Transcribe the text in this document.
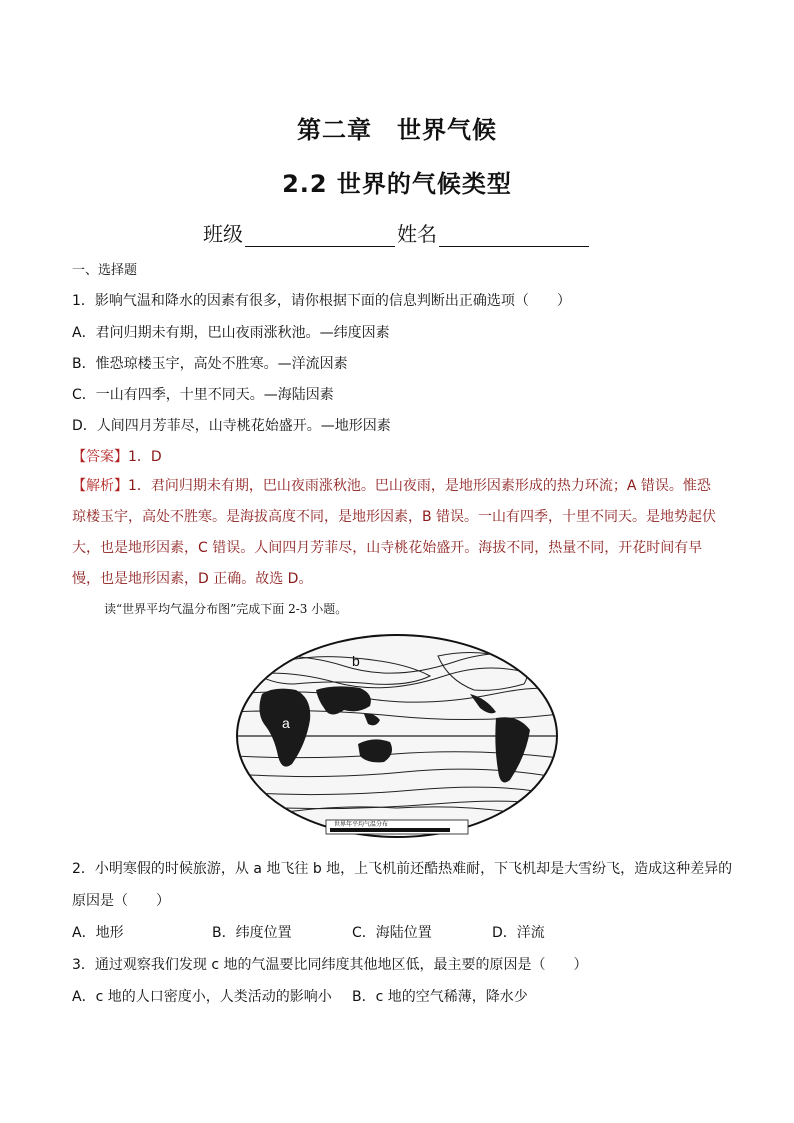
第二章　世界气候
2.2 世界的气候类型
班级	姓名
一、选择题
1．影响气温和降水的因素有很多，请你根据下面的信息判断出正确选项（　　）
A．君问归期未有期，巴山夜雨涨秋池。—纬度因素
B．惟恐琼楼玉宇，高处不胜寒。—洋流因素
C．一山有四季，十里不同天。—海陆因素
D．人间四月芳菲尽，山寺桃花始盛开。—地形因素
【答案】1．D
【解析】1．君问归期未有期，巴山夜雨涨秋池。巴山夜雨，是地形因素形成的热力环流；A 错误。惟恐琼楼玉宇，高处不胜寒。是海拔高度不同，是地形因素，B 错误。一山有四季，十里不同天。是地势起伏大，也是地形因素，C 错误。人间四月芳菲尽，山寺桃花始盛开。海拔不同，热量不同，开花时间有早慢，也是地形因素，D 正确。故选 D。
读“世界平均气温分布图”完成下面 2-3 小题。
a
b
世界年平均气温分布
2．小明寒假的时候旅游，从 a 地飞往 b 地，上飞机前还酷热难耐，下飞机却是大雪纷飞，造成这种差异的
原因是（　　）
A．地形	B．纬度位置	C．海陆位置	D．洋流
3．通过观察我们发现 c 地的气温要比同纬度其他地区低，最主要的原因是（　　）
A．c 地的人口密度小，人类活动的影响小 B．c 地的空气稀薄，降水少
